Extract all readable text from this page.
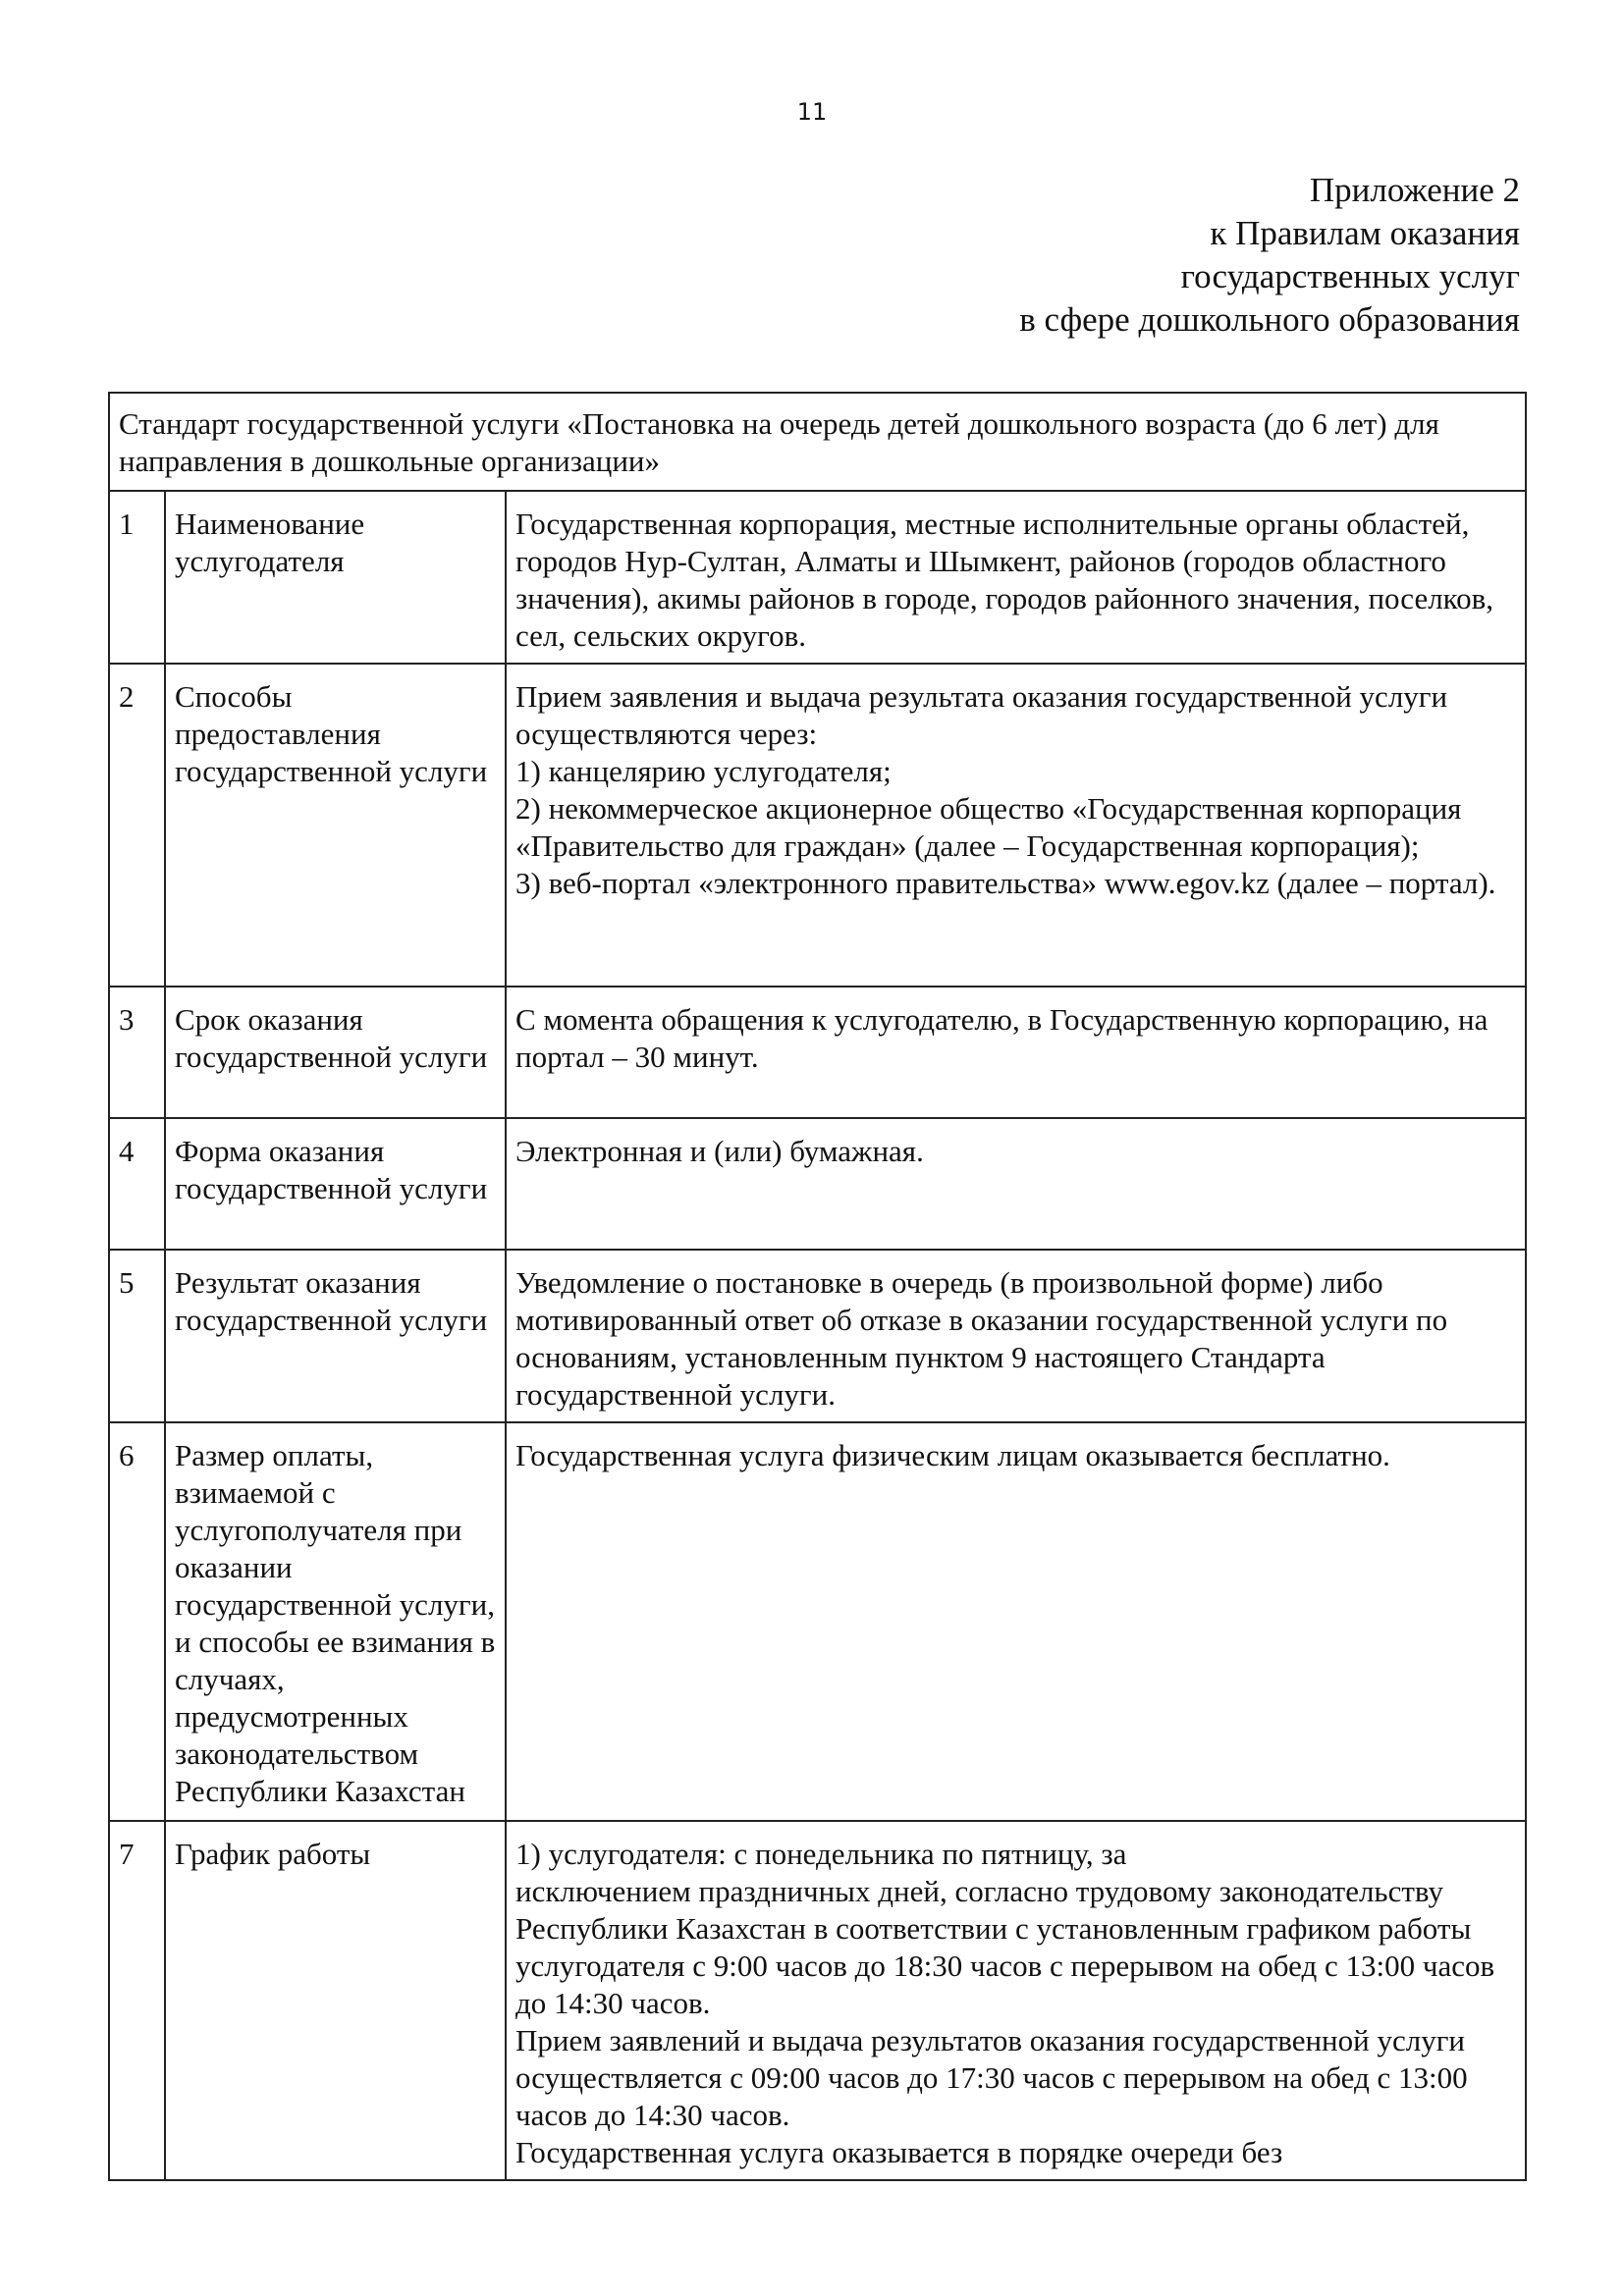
11
Приложение 2
к Правилам оказания
государственных услуг
в сфере дошкольного образования
Стандарт государственной услуги «Постановка на очередь детей дошкольного возраста (до 6 лет) для направления в дошкольные организации»		
1	Наименование услугодателя	Государственная корпорация, местные исполнительные органы областей, городов Нур-Султан, Алматы и Шымкент, районов (городов областного значения), акимы районов в городе, городов районного значения, поселков, сел, сельских округов.

2	Способы предоставления государственной услуги	Прием заявления и выдача результата оказания государственной услуги осуществляются через:
1) канцелярию услугодателя;
2) некоммерческое акционерное общество «Государственная корпорация «Правительство для граждан» (далее – Государственная корпорация);
3) веб-портал «электронного правительства» www.egov.kz (далее – портал).

3	Срок оказания государственной услуги	С момента обращения к услугодателю, в Государственную корпорацию, на портал – 30 минут.

4	Форма оказания государственной услуги	Электронная и (или) бумажная.

5	Результат оказания государственной услуги	Уведомление о постановке в очередь (в произвольной форме) либо мотивированный ответ об отказе в оказании государственной услуги по основаниям, установленным пунктом 9 настоящего Стандарта государственной услуги.

6	Размер оплаты, взимаемой с услугополучателя при оказании государственной услуги, и способы ее взимания в случаях, предусмотренных законодательством Республики Казахстан	Государственная услуга физическим лицам оказывается бесплатно.

7	График работы	1) услугодателя: с понедельника по пятницу, за
исключением праздничных дней, согласно трудовому законодательству Республики Казахстан в соответствии с установленным графиком работы услугодателя с 9:00 часов до 18:30 часов с перерывом на обед с 13:00 часов до 14:30 часов.
Прием заявлений и выдача результатов оказания государственной услуги осуществляется с 09:00 часов до 17:30 часов с перерывом на обед с 13:00 часов до 14:30 часов.
Государственная услуга оказывается в порядке очереди без
